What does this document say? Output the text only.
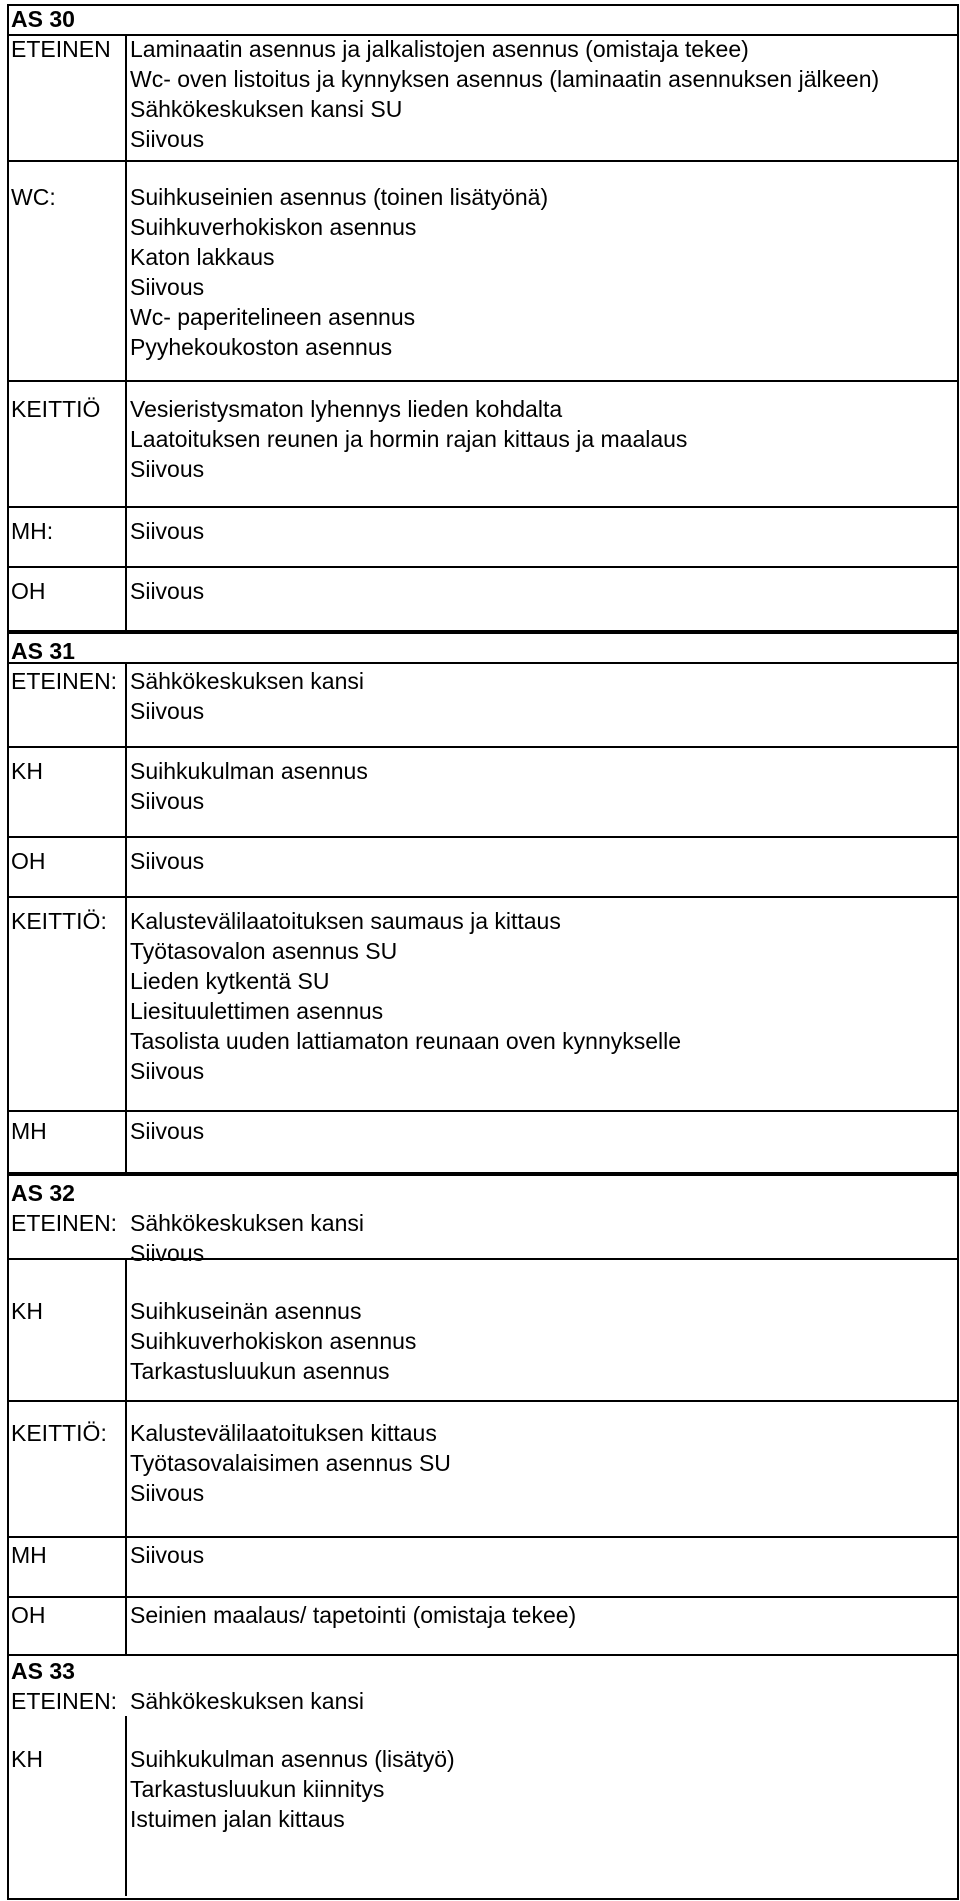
AS 30
ETEINEN Laminaatin asennus ja jalkalistojen asennus (omistaja tekee)
Wc- oven listoitus ja kynnyksen asennus (laminaatin asennuksen jälkeen)
Sähkökeskuksen kansi SU
Siivous
WC:	Suihkuseinien asennus (toinen lisätyönä)
Suihkuverhokiskon asennus
Katon lakkaus
Siivous
Wc- paperitelineen asennus
Pyyhekoukoston asennus
KEITTIÖ Vesieristysmaton lyhennys lieden kohdalta
Laatoituksen reunen ja hormin rajan kittaus ja maalaus
Siivous
MH:	Siivous
OH	Siivous
AS 31
ETEINEN: Sähkökeskuksen kansi
Siivous
KH	Suihkukulman asennus
Siivous
OH	Siivous
KEITTIÖ: Kalustevälilaatoituksen saumaus ja kittaus
Työtasovalon asennus SU
Lieden kytkentä SU
Liesituulettimen asennus
Tasolista uuden lattiamaton reunaan oven kynnykselle
Siivous
MH	Siivous
AS 32
ETEINEN: Sähkökeskuksen kansi
Siivous
KH	Suihkuseinän asennus
Suihkuverhokiskon asennus
Tarkastusluukun asennus
KEITTIÖ: Kalustevälilaatoituksen kittaus
Työtasovalaisimen asennus SU
Siivous
MH	Siivous
OH	Seinien maalaus/ tapetointi (omistaja tekee)
AS 33
ETEINEN: Sähkökeskuksen kansi
KH	Suihkukulman asennus (lisätyö)
Tarkastusluukun kiinnitys
Istuimen jalan kittaus
